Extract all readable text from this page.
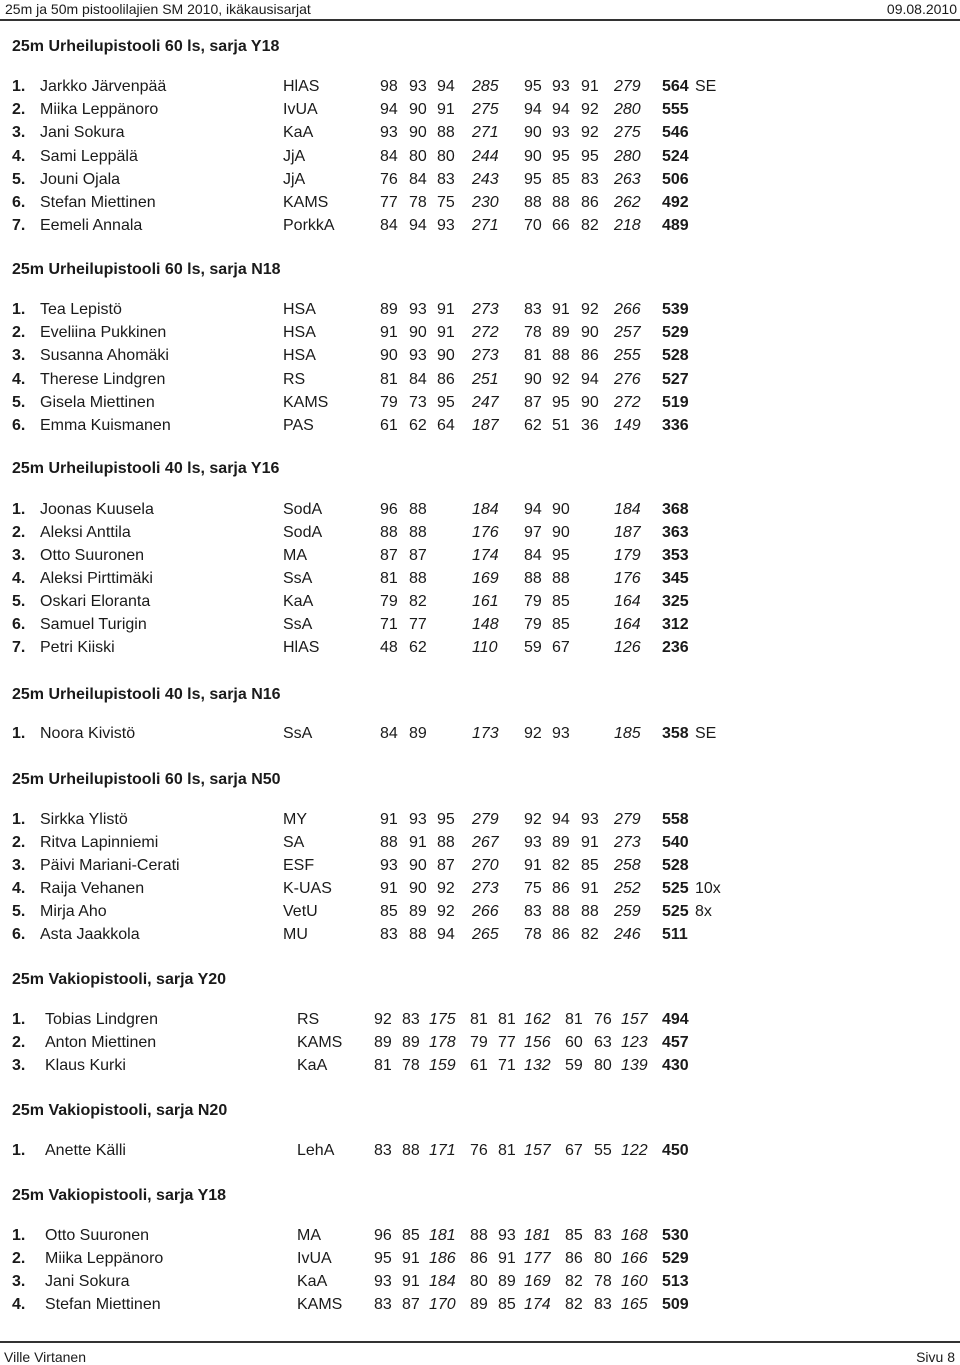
25m ja 50m pistoolilajien SM 2010, ikäkausisarjat	09.08.2010
25m Urheilupistooli 60 ls, sarja Y18
1. Jarkko Järvenpää	HlAS	98 93 94 285 95 93 91 279 564 SE
2. Miika Leppänoro	IvUA	94 90 91 275 94 94 92 280 555
3. Jani Sokura	KaA	93 90 88 271 90 93 92 275 546
4. Sami Leppälä	JjA	84 80 80 244 90 95 95 280 524
5. Jouni Ojala	JjA	76 84 83 243 95 85 83 263 506
6. Stefan Miettinen	KAMS	77 78 75 230 88 88 86 262 492
7. Eemeli Annala	PorkkA	84 94 93 271 70 66 82 218 489
25m Urheilupistooli 60 ls, sarja N18
1. Tea Lepistö	HSA	89 93 91 273 83 91 92 266 539
2. Eveliina Pukkinen	HSA	91 90 91 272 78 89 90 257 529
3. Susanna Ahomäki	HSA	90 93 90 273 81 88 86 255 528
4. Therese Lindgren	RS	81 84 86 251 90 92 94 276 527
5. Gisela Miettinen	KAMS	79 73 95 247 87 95 90 272 519
6. Emma Kuismanen	PAS	61 62 64 187 62 51 36 149 336
25m Urheilupistooli 40 ls, sarja Y16
1. Joonas Kuusela	SodA	96 88	184 94 90	184 368
2. Aleksi Anttila	SodA	88 88	176 97 90	187 363
3. Otto Suuronen	MA	87 87	174 84 95	179 353
4. Aleksi Pirttimäki	SsA	81 88	169 88 88	176 345
5. Oskari Eloranta	KaA	79 82	161 79 85	164 325
6. Samuel Turigin	SsA	71 77	148 79 85	164 312
7. Petri Kiiski	HlAS	48 62	110 59 67	126 236
25m Urheilupistooli 40 ls, sarja N16
1. Noora Kivistö	SsA	84 89	173 92 93	185 358 SE
25m Urheilupistooli 60 ls, sarja N50
1. Sirkka Ylistö	MY	91 93 95 279 92 94 93 279 558
2. Ritva Lapinniemi	SA	88 91 88 267 93 89 91 273 540
3. Päivi Mariani-Cerati	ESF	93 90 87 270 91 82 85 258 528
4. Raija Vehanen	K-UAS	91 90 92 273 75 86 91 252 525 10x
5. Mirja Aho	VetU	85 89 92 266 83 88 88 259 525 8x
6. Asta Jaakkola	MU	83 88 94 265 78 86 82 246 511
25m Vakiopistooli, sarja Y20
1. Tobias Lindgren	RS	92 83 175 81 81 162 81 76 157 494
2. Anton Miettinen	KAMS 89 89 178 79 77 156 60 63 123 457
3. Klaus Kurki	KaA	81 78 159 61 71 132 59 80 139 430
25m Vakiopistooli, sarja N20
1. Anette Källi	LehA 83 88 171 76 81 157 67 55 122 450
25m Vakiopistooli, sarja Y18
1. Otto Suuronen	MA	96 85 181 88 93 181 85 83 168 530
2. Miika Leppänoro	IvUA	95 91 186 86 91 177 86 80 166 529
3. Jani Sokura	KaA	93 91 184 80 89 169 82 78 160 513
4. Stefan Miettinen	KAMS 83 87 170 89 85 174 82 83 165 509
Ville Virtanen	Sivu 8
